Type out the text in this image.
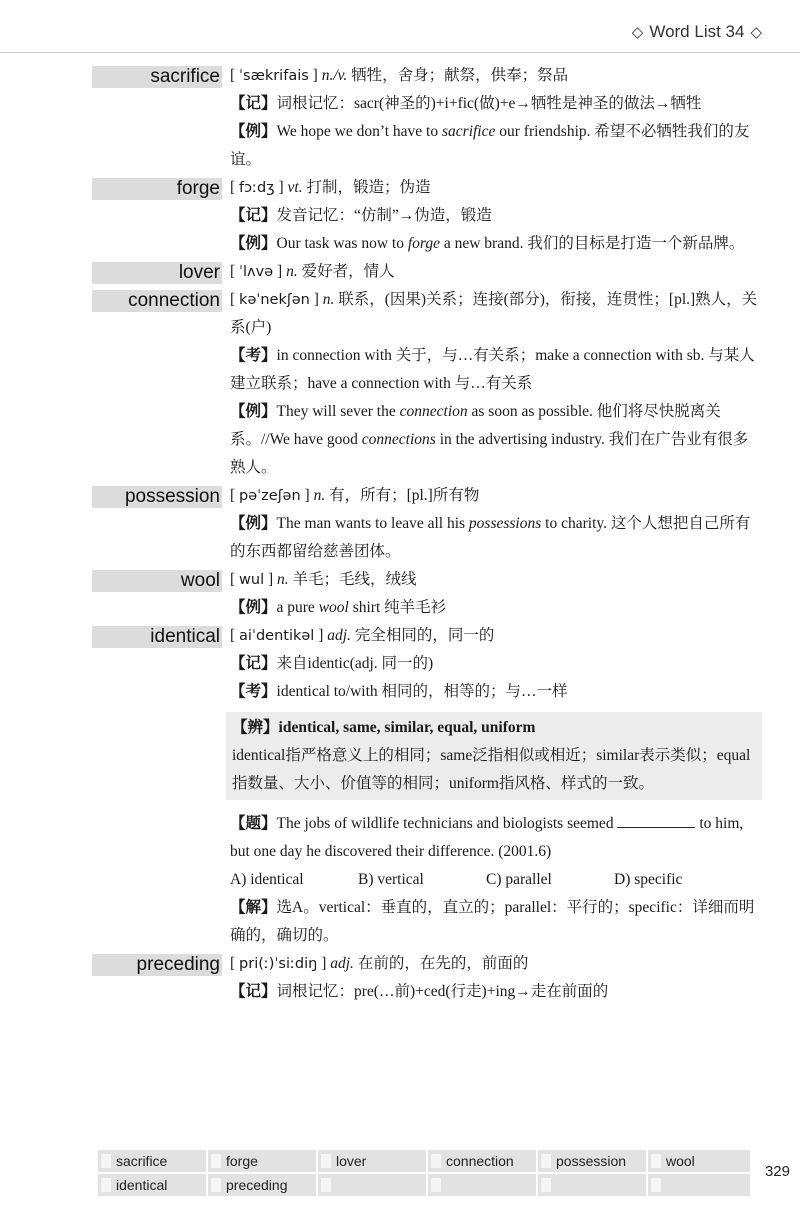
◇ Word List 34 ◇
sacrifice [ ˈsækrifais ] n./v. 牺牲，舍身；献祭，供奉；祭品
【记】词根记忆：sacr(神圣的)+i+fic(做)+e→牺牲是神圣的做法→牺牲
【例】We hope we don’t have to sacrifice our friendship. 希望不必牺牲我们的友谊。
forge [ fɔːdʒ ] vt. 打制，锻造；伪造
【记】发音记忆：“仿制”→伪造，锻造
【例】Our task was now to forge a new brand. 我们的目标是打造一个新品牌。
lover [ ˈlʌvə ] n. 爱好者，情人
connection [ kəˈnekʃən ] n. 联系，(因果)关系；连接(部分)，衔接，连贯性；[pl.]熟人，关系(户)
【考】in connection with 关于，与…有关系；make a connection with sb. 与某人建立联系；have a connection with 与…有关系
【例】They will sever the connection as soon as possible. 他们将尽快脱离关系。//We have good connections in the advertising industry. 我们在广告业有很多熟人。
possession [ pəˈzeʃən ] n. 有，所有；[pl.]所有物
【例】The man wants to leave all his possessions to charity. 这个人想把自己所有的东西都留给慈善团体。
wool [ wul ] n. 羊毛；毛线，绒线
【例】a pure wool shirt 纯羊毛衫
identical [ aiˈdentikəl ] adj. 完全相同的，同一的
【记】来自identic(adj. 同一的)
【考】identical to/with 相同的，相等的；与…一样
【辨】identical, same, similar, equal, uniform
identical指严格意义上的相同；same泛指相似或相近；similar表示类似；equal指数量、大小、价值等的相同；uniform指风格、样式的一致。
【题】The jobs of wildlife technicians and biologists seemed	to him, but one day he discovered their difference. (2001.6)
A) identical	B) vertical	C) parallel	D) specific
【解】选A。vertical：垂直的，直立的；parallel：平行的；specific：详细而明确的，确切的。
preceding [ pri(ː)ˈsiːdiŋ ] adj. 在前的，在先的，前面的
【记】词根记忆：pre(…前)+ced(行走)+ing→走在前面的
sacrifice	forge	lover	connection	possession	wool
identical	preceding
329
